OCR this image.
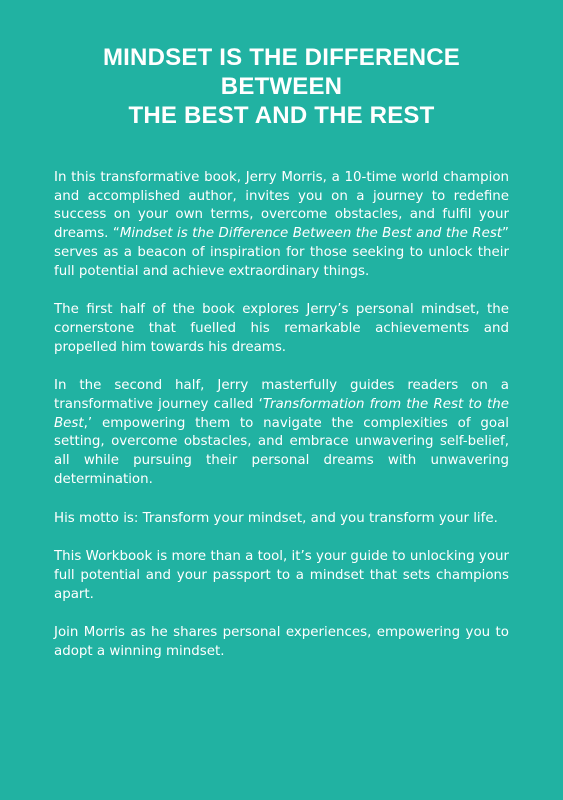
MINDSET IS THE DIFFERENCE BETWEEN
THE BEST AND THE REST

In this transformative book, Jerry Morris, a 10-time world champion and accomplished author, invites you on a journey to redefine success on your own terms, overcome obstacles, and fulfil your dreams. “Mindset is the Difference Between the Best and the Rest” serves as a beacon of inspiration for those seeking to unlock their full potential and achieve extraordinary things.

The first half of the book explores Jerry’s personal mindset, the cornerstone that fuelled his remarkable achievements and propelled him towards his dreams.

In the second half, Jerry masterfully guides readers on a transformative journey called ‘Transformation from the Rest to the Best,’ empowering them to navigate the complexities of goal setting, overcome obstacles, and embrace unwavering self-belief, all while pursuing their personal dreams with unwavering determination.

His motto is: Transform your mindset, and you transform your life.

This Workbook is more than a tool, it’s your guide to unlocking your full potential and your passport to a mindset that sets champions apart.

Join Morris as he shares personal experiences, empowering you to adopt a winning mindset.
